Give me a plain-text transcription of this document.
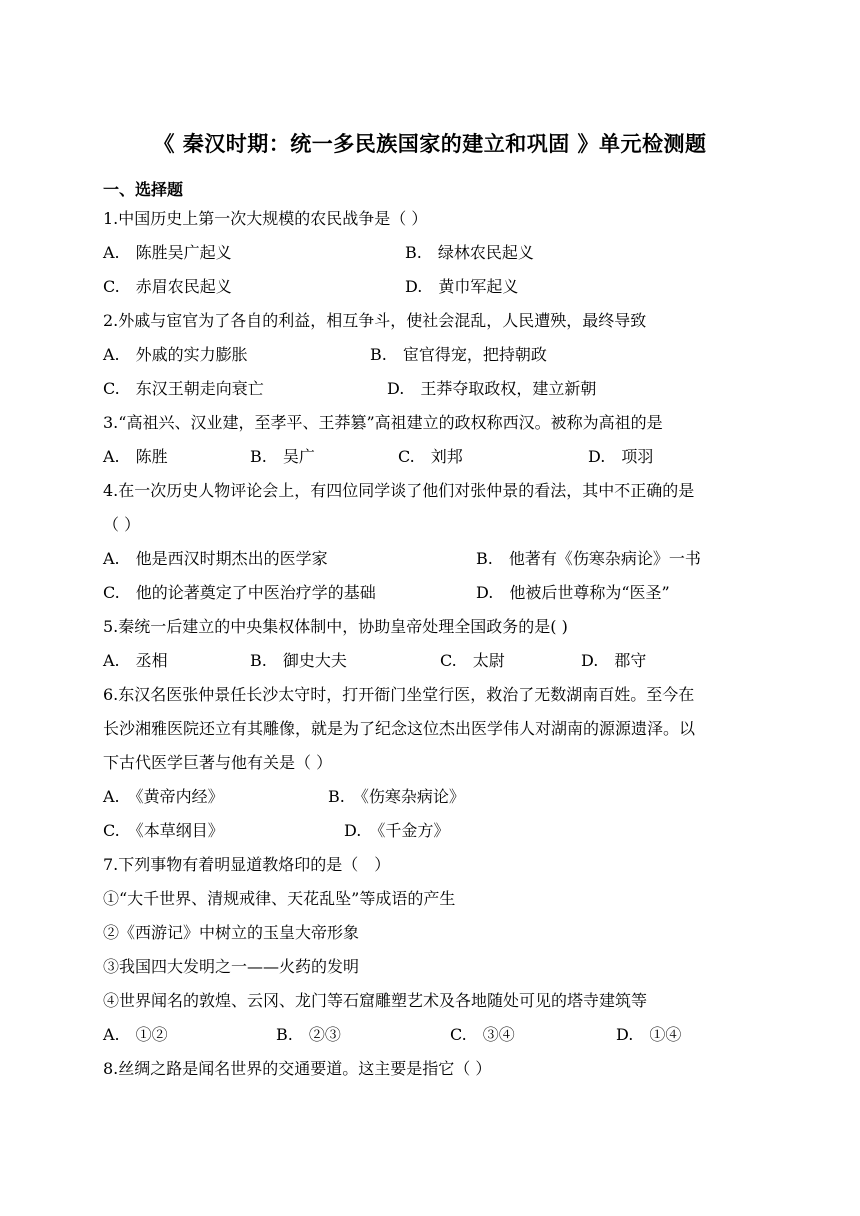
《 秦汉时期：统一多民族国家的建立和巩固 》单元检测题
一、选择题
1.中国历史上第一次大规模的农民战争是（ ）
A.　陈胜吴广起义	B.　绿林农民起义
C.　赤眉农民起义	D.　黄巾军起义
2.外戚与宦官为了各自的利益，相互争斗，使社会混乱，人民遭殃，最终导致
A.　外戚的实力膨胀	B.　宦官得宠，把持朝政
C.　东汉王朝走向衰亡	D.　王莽夺取政权，建立新朝
3.“高祖兴、汉业建，至孝平、王莽篡”高祖建立的政权称西汉。被称为高祖的是
A.　陈胜	B.　吴广	C.　刘邦	D.　项羽
4.在一次历史人物评论会上，有四位同学谈了他们对张仲景的看法，其中不正确的是
（ ）
A.　他是西汉时期杰出的医学家	B.　他著有《伤寒杂病论》一书
C.　他的论著奠定了中医治疗学的基础	D.　他被后世尊称为“医圣”
5.秦统一后建立的中央集权体制中，协助皇帝处理全国政务的是( )
A.　丞相	B.　御史大夫	C.　太尉	D.　郡守
6.东汉名医张仲景任长沙太守时，打开衙门坐堂行医，救治了无数湖南百姓。至今在
长沙湘雅医院还立有其雕像，就是为了纪念这位杰出医学伟人对湖南的源源遗泽。以
下古代医学巨著与他有关是（ ）
A.　《黄帝内经》	B.　《伤寒杂病论》
C.　《本草纲目》	D.　《千金方》
7.下列事物有着明显道教烙印的是（　）
①“大千世界、清规戒律、天花乱坠”等成语的产生
②《西游记》中树立的玉皇大帝形象
③我国四大发明之一——火药的发明
④世界闻名的敦煌、云冈、龙门等石窟雕塑艺术及各地随处可见的塔寺建筑等
A.　①②	B.　②③	C.　③④	D.　①④
8.丝绸之路是闻名世界的交通要道。这主要是指它（ ）
